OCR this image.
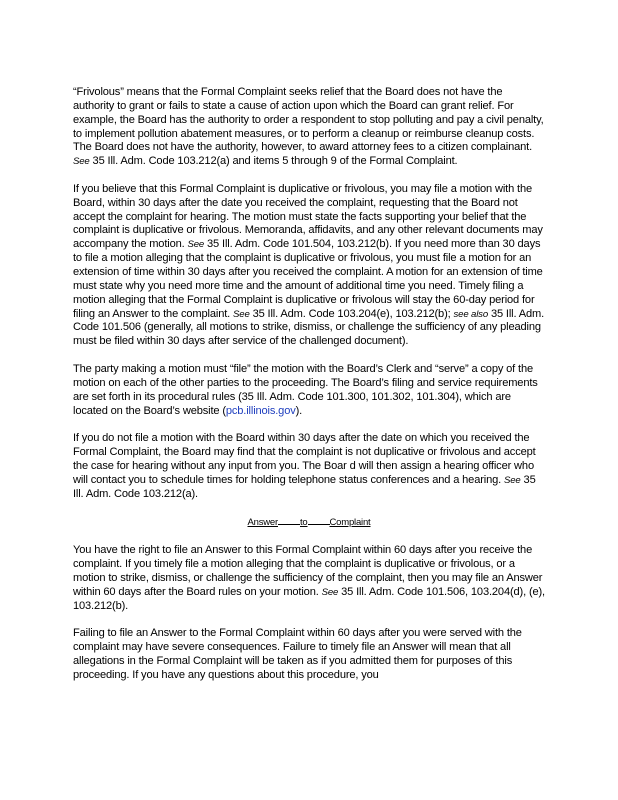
“Frivolous” means that the Formal Complaint seeks relief that the Board does not have the authority to grant or fails to state a cause of action upon which the Board can grant relief. For example, the Board has the authority to order a respondent to stop polluting and pay a civil penalty, to implement pollution abatement measures, or to perform a cleanup or reimburse cleanup costs. The Board does not have the authority, however, to award attorney fees to a citizen complainant. See 35 Ill. Adm. Code 103.212(a) and items 5 through 9 of the Formal Complaint.

If you believe that this Formal Complaint is duplicative or frivolous, you may file a motion with the Board, within 30 days after the date you received the complaint, requesting that the Board not accept the complaint for hearing. The motion must state the facts supporting your belief that the complaint is duplicative or frivolous. Memoranda, affidavits, and any other relevant documents may accompany the motion. See 35 Ill. Adm. Code 101.504, 103.212(b). If you need more than 30 days to file a motion alleging that the complaint is duplicative or frivolous, you must file a motion for an extension of time within 30 days after you received the complaint. A motion for an extension of time must state why you need more time and the amount of additional time you need. Timely filing a motion alleging that the Formal Complaint is duplicative or frivolous will stay the 60-day period for filing an Answer to the complaint. See 35 Ill. Adm. Code 103.204(e), 103.212(b); see also 35 Ill. Adm. Code 101.506 (generally, all motions to strike, dismiss, or challenge the sufficiency of any pleading must be filed within 30 days after service of the challenged document).

The party making a motion must “file” the motion with the Board’s Clerk and “serve” a copy of the motion on each of the other parties to the proceeding. The Board’s filing and service requirements are set forth in its procedural rules (35 Ill. Adm. Code 101.300, 101.302, 101.304), which are located on the Board’s website (pcb.illinois.gov).

If you do not file a motion with the Board within 30 days after the date on which you received the Formal Complaint, the Board may find that the complaint is not duplicative or frivolous and accept the case for hearing without any input from you. The Boar d will then assign a hearing officer who will contact you to schedule times for holding telephone status conferences and a hearing. See 35 Ill. Adm. Code 103.212(a).

Answer to Complaint

You have the right to file an Answer to this Formal Complaint within 60 days after you receive the complaint. If you timely file a motion alleging that the complaint is duplicative or frivolous, or a motion to strike, dismiss, or challenge the sufficiency of the complaint, then you may file an Answer within 60 days after the Board rules on your motion. See 35 Ill. Adm. Code 101.506, 103.204(d), (e), 103.212(b).

Failing to file an Answer to the Formal Complaint within 60 days after you were served with the complaint may have severe consequences. Failure to timely file an Answer will mean that all allegations in the Formal Complaint will be taken as if you admitted them for purposes of this proceeding. If you have any questions about this procedure, you
